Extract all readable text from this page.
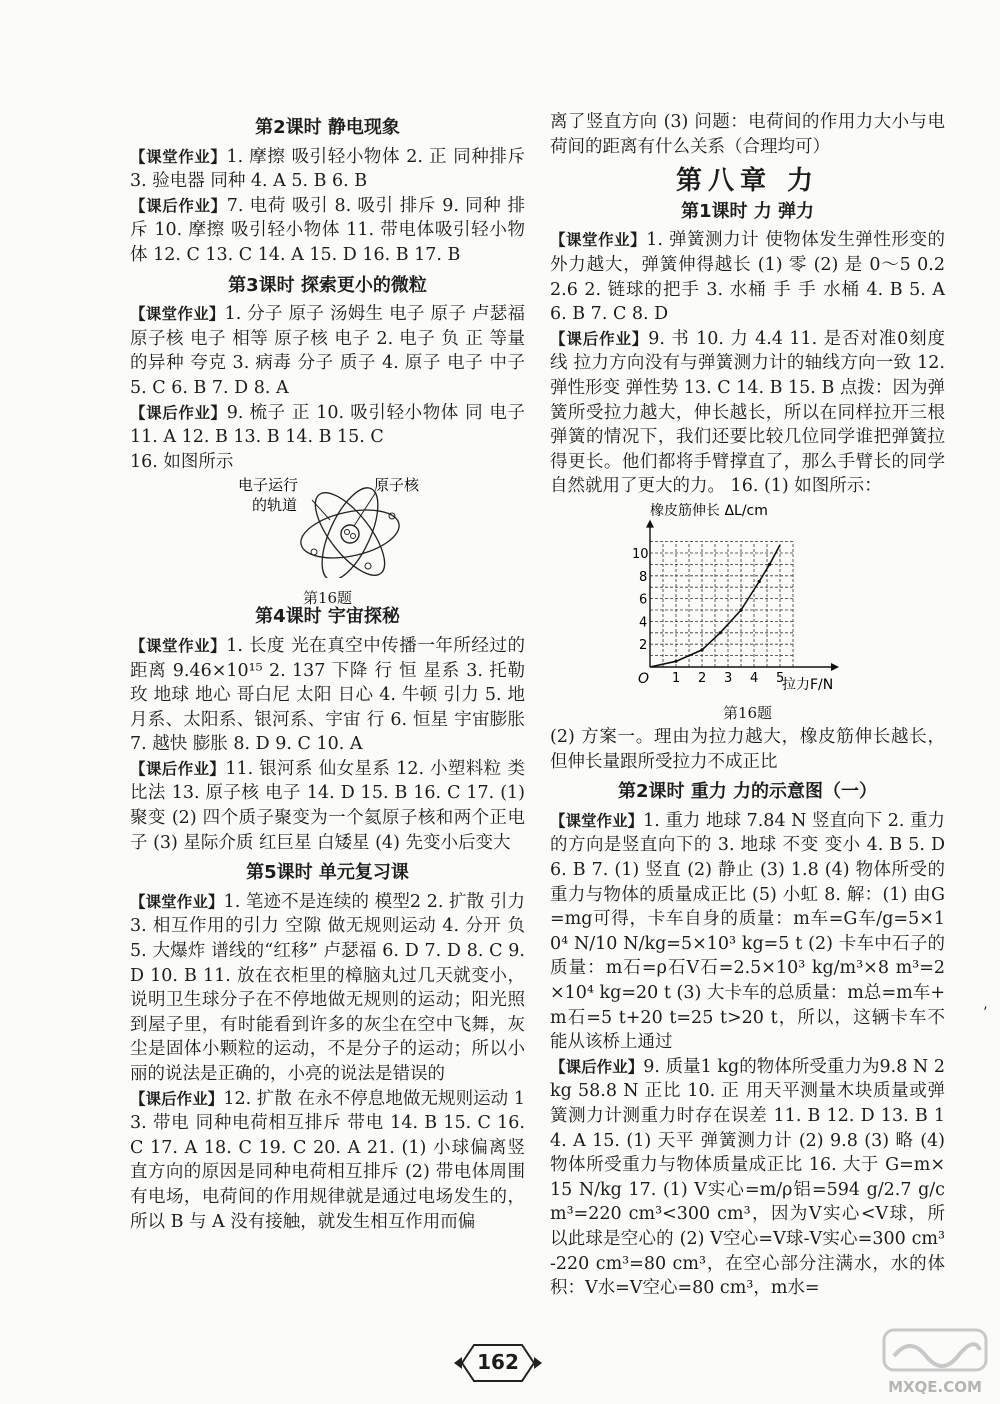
第2课时 静电现象

【课堂作业】1. 摩擦 吸引轻小物体 2. 正 同种排斥 3. 验电器 同种 4. A 5. B 6. B

【课后作业】7. 电荷 吸引 8. 吸引 排斥 9. 同种 排斥 10. 摩擦 吸引轻小物体 11. 带电体吸引轻小物体 12. C 13. C 14. A 15. D 16. B 17. B

第3课时 探索更小的微粒

【课堂作业】1. 分子 原子 汤姆生 电子 原子 卢瑟福 原子核 电子 相等 原子核 电子 2. 电子 负 正 等量的异种 夸克 3. 病毒 分子 质子 4. 原子 电子 中子 5. C 6. B 7. D 8. A

【课后作业】9. 梳子 正 10. 吸引轻小物体 同 电子 11. A 12. B 13. B 14. B 15. C

16. 如图所示

电子运行
的轨道
原子核
第16题
第4课时 宇宙探秘

【课堂作业】1. 长度 光在真空中传播一年所经过的距离 9.46×10¹⁵ 2. 137 下降 行 恒 星系 3. 托勒玫 地球 地心 哥白尼 太阳 日心 4. 牛顿 引力 5. 地月系、太阳系、银河系、宇宙 行 6. 恒星 宇宙膨胀 7. 越快 膨胀 8. D 9. C 10. A

【课后作业】11. 银河系 仙女星系 12. 小塑料粒 类比法 13. 原子核 电子 14. D 15. B 16. C 17. (1) 聚变 (2) 四个质子聚变为一个氦原子核和两个正电子 (3) 星际介质 红巨星 白矮星 (4) 先变小后变大

第5课时 单元复习课

【课堂作业】1. 笔迹不是连续的 模型2 2. 扩散 引力 3. 相互作用的引力 空隙 做无规则运动 4. 分开 负 5. 大爆炸 谱线的“红移” 卢瑟福 6. D 7. D 8. C 9. D 10. B 11. 放在衣柜里的樟脑丸过几天就变小，说明卫生球分子在不停地做无规则的运动；阳光照到屋子里，有时能看到许多的灰尘在空中飞舞，灰尘是固体小颗粒的运动，不是分子的运动；所以小丽的说法是正确的，小亮的说法是错误的

【课后作业】12. 扩散 在永不停息地做无规则运动 13. 带电 同种电荷相互排斥 带电 14. B 15. C 16. C 17. A 18. C 19. C 20. A 21. (1) 小球偏离竖直方向的原因是同种电荷相互排斥 (2) 带电体周围有电场，电荷间的作用规律就是通过电场发生的，所以 B 与 A 没有接触，就发生相互作用而偏

离了竖直方向 (3) 问题：电荷间的作用力大小与电荷间的距离有什么关系（合理均可）

第八章 力
第1课时 力 弹力

【课堂作业】1. 弹簧测力计 使物体发生弹性形变的外力越大，弹簧伸得越长 (1) 零 (2) 是 0～5 0.2 2.6 2. 链球的把手 3. 水桶 手 手 水桶 4. B 5. A 6. B 7. C 8. D

【课后作业】9. 书 10. 力 4.4 11. 是否对准0刻度线 拉力方向没有与弹簧测力计的轴线方向一致 12. 弹性形变 弹性势 13. C 14. B 15. B 点拨：因为弹簧所受拉力越大，伸长越长，所以在同样拉开三根弹簧的情况下，我们还要比较几位同学谁把弹簧拉得更长。他们都将手臂撑直了，那么手臂长的同学自然就用了更大的力。 16. (1) 如图所示：

橡皮筋伸长 ΔL/cm
拉力F/N
O 1 2 3 4 5
2
4
6
8
10
第16题

(2) 方案一。理由为拉力越大，橡皮筋伸长越长，但伸长量跟所受拉力不成正比

第2课时 重力 力的示意图（一）

【课堂作业】1. 重力 地球 7.84 N 竖直向下 2. 重力的方向是竖直向下的 3. 地球 不变 变小 4. B 5. D 6. B 7. (1) 竖直 (2) 静止 (3) 1.8 (4) 物体所受的重力与物体的质量成正比 (5) 小虹 8. 解：(1) 由G=mg可得，卡车自身的质量：m车=G车/g=5×10⁴ N/10 N/kg=5×10³ kg=5 t (2) 卡车中石子的质量：m石=ρ石V石=2.5×10³ kg/m³×8 m³=2×10⁴ kg=20 t (3) 大卡车的总质量：m总=m车+m石=5 t+20 t=25 t>20 t，所以，这辆卡车不能从该桥上通过

【课后作业】9. 质量1 kg的物体所受重力为9.8 N 2 kg 58.8 N 正比 10. 正 用天平测量木块质量或弹簧测力计测重力时存在误差 11. B 12. D 13. B 14. A 15. (1) 天平 弹簧测力计 (2) 9.8 (3) 略 (4) 物体所受重力与物体质量成正比 16. 大于 G=m×15 N/kg 17. (1) V实心=m/ρ铝=594 g/2.7 g/cm³=220 cm³<300 cm³，因为V实心<V球，所以此球是空心的 (2) V空心=V球-V实心=300 cm³-220 cm³=80 cm³，在空心部分注满水，水的体积：V水=V空心=80 cm³，m水=

162
’
MXQE.COM
